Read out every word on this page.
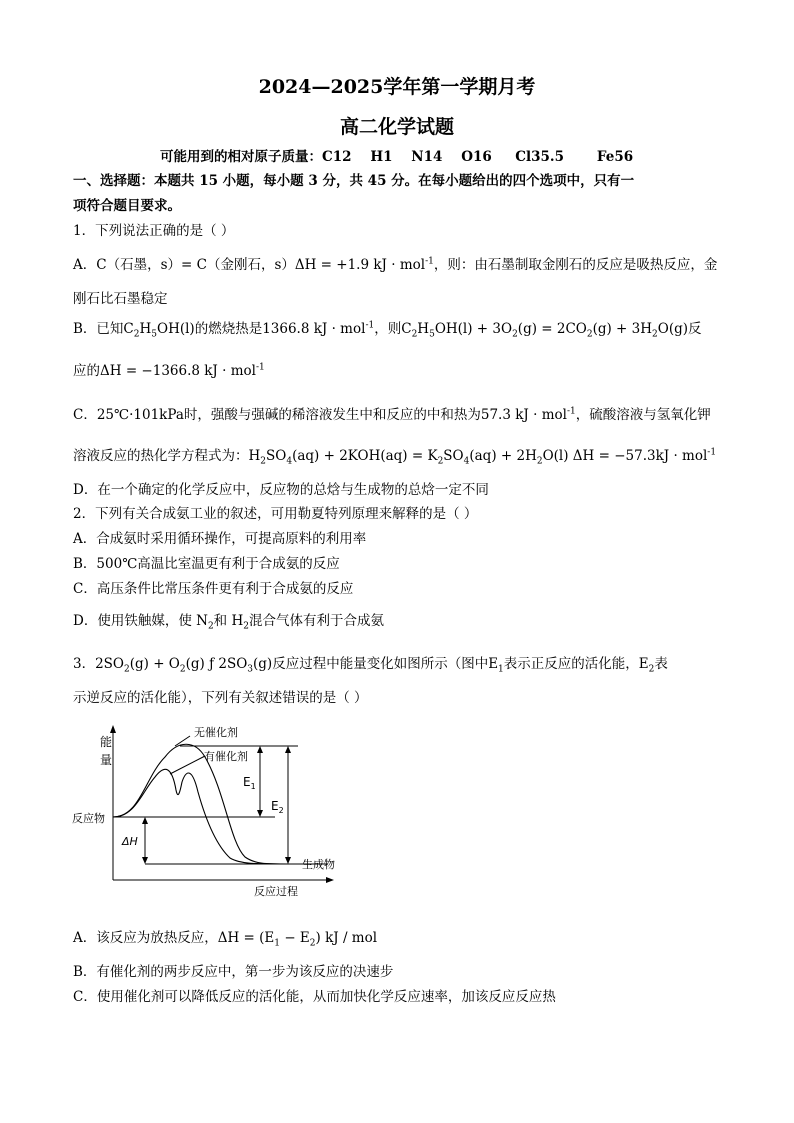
2024—2025学年第一学期月考
高二化学试题
可能用到的相对原子质量：C12    H1    N14    O16     Cl35.5       Fe56
一、选择题：本题共 15 小题，每小题 3 分，共 45 分。在每小题给出的四个选项中，只有一
项符合题目要求。
1．下列说法正确的是（ ）
A．C（石墨，s）= C（金刚石，s）ΔH = +1.9 kJ · mol$^{-1}$，则：由石墨制取金刚石的反应是吸热反应，金
刚石比石墨稳定
B．已知$C_2H_5OH(l)$的燃烧热是1366.8 kJ · mol$^{-1}$，则$C_2H_5OH(l) + 3O_2(g) = 2CO_2(g) + 3H_2O(g)$反
应的ΔH = −1366.8 kJ · mol$^{-1}$
C．25℃·101kPa时，强酸与强碱的稀溶液发生中和反应的中和热为57.3 kJ · mol$^{-1}$，硫酸溶液与氢氧化钾
溶液反应的热化学方程式为：$H_2SO_4(aq) + 2KOH(aq) = K_2SO_4(aq) + 2H_2O(l) \Delta H = -57.3kJ \cdot mol^{-1}$
D．在一个确定的化学反应中，反应物的总焓与生成物的总焓一定不同
2．下列有关合成氨工业的叙述，可用勒夏特列原理来解释的是（ ）
A．合成氨时采用循环操作，可提高原料的利用率
B．500℃高温比室温更有利于合成氨的反应
C．高压条件比常压条件更有利于合成氨的反应
D．使用铁触媒，使 $N_2$和 $H_2$混合气体有利于合成氨
3．$2SO_2(g) + O_2(g)$ ƒ $2SO_3(g)$反应过程中能量变化如图所示（图中$E_1$表示正反应的活化能，$E_2$表
示逆反应的活化能），下列有关叙述错误的是（ ）
能
量
反应过程
无催化剂
有催化剂
反应物
生成物
ΔH
$E_1$
$E_2$
A．该反应为放热反应，$\Delta H = (E_1 - E_2)$ kJ / mol
B．有催化剂的两步反应中，第一步为该反应的决速步
C．使用催化剂可以降低反应的活化能，从而加快化学反应速率，加该反应反应热
